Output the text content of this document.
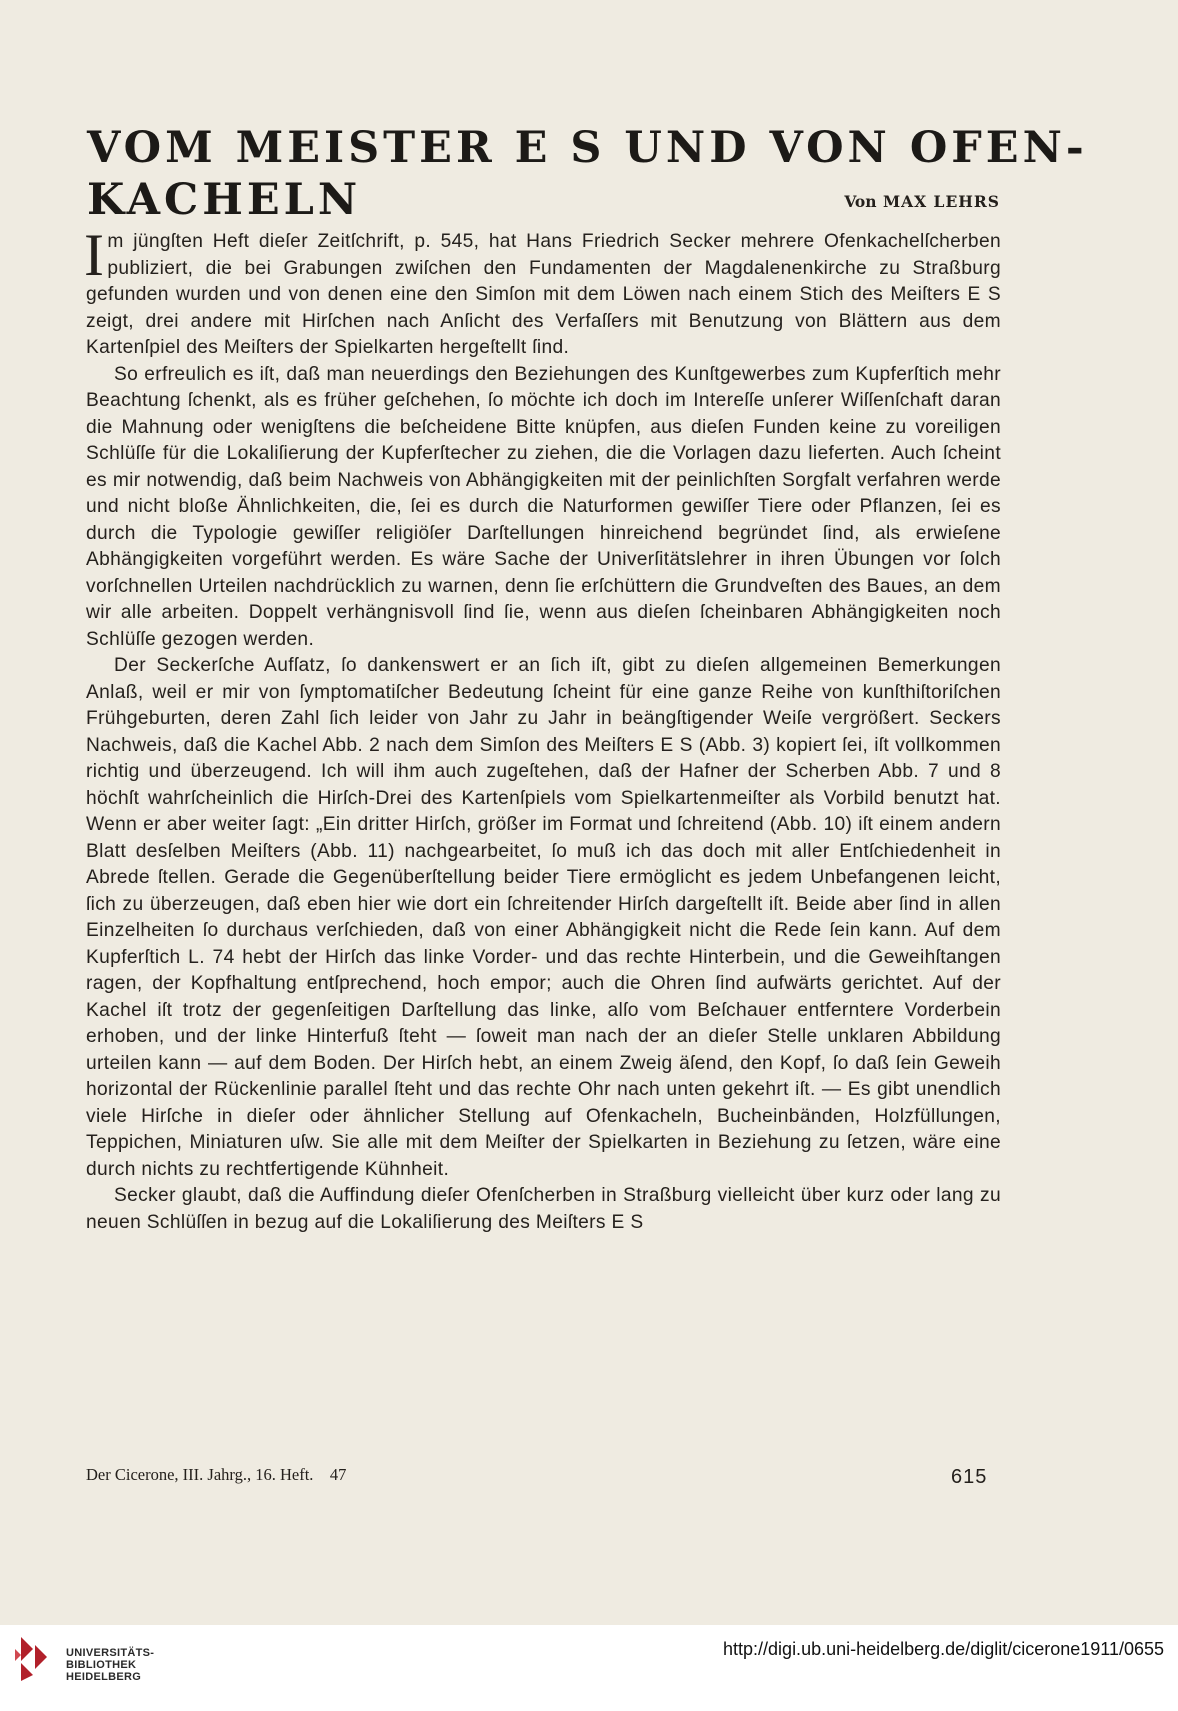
VOM MEISTER E S UND VON OFEN-
KACHELN	Von MAX LEHRS

Im jüngſten Heft dieſer Zeitſchrift, p. 545, hat Hans Friedrich Secker mehrere Ofenkachelſcherben publiziert, die bei Grabungen zwiſchen den Fundamenten der Magdalenenkirche zu Straßburg gefunden wurden und von denen eine den Simſon mit dem Löwen nach einem Stich des Meiſters E S zeigt, drei andere mit Hirſchen nach Anſicht des Verfaſſers mit Benutzung von Blättern aus dem Kartenſpiel des Meiſters der Spielkarten hergeſtellt ſind.

So erfreulich es iſt, daß man neuerdings den Beziehungen des Kunſtgewerbes zum Kupferſtich mehr Beachtung ſchenkt, als es früher geſchehen, ſo möchte ich doch im Intereſſe unſerer Wiſſenſchaft daran die Mahnung oder wenigſtens die beſcheidene Bitte knüpfen, aus dieſen Funden keine zu voreiligen Schlüſſe für die Lokaliſierung der Kupferſtecher zu ziehen, die die Vorlagen dazu lieferten. Auch ſcheint es mir notwendig, daß beim Nachweis von Abhängigkeiten mit der peinlichſten Sorgfalt verfahren werde und nicht bloße Ähnlichkeiten, die, ſei es durch die Naturformen gewiſſer Tiere oder Pflanzen, ſei es durch die Typologie gewiſſer religiöſer Darſtellungen hinreichend begründet ſind, als erwieſene Abhängigkeiten vorgeführt werden. Es wäre Sache der Univerſitätslehrer in ihren Übungen vor ſolch vorſchnellen Urteilen nachdrücklich zu warnen, denn ſie erſchüttern die Grundveſten des Baues, an dem wir alle arbeiten. Doppelt verhängnisvoll ſind ſie, wenn aus dieſen ſcheinbaren Abhängigkeiten noch Schlüſſe gezogen werden.

Der Seckerſche Aufſatz, ſo dankenswert er an ſich iſt, gibt zu dieſen allgemeinen Bemerkungen Anlaß, weil er mir von ſymptomatiſcher Bedeutung ſcheint für eine ganze Reihe von kunſthiſtoriſchen Frühgeburten, deren Zahl ſich leider von Jahr zu Jahr in beängſtigender Weiſe vergrößert. Seckers Nachweis, daß die Kachel Abb. 2 nach dem Simſon des Meiſters E S (Abb. 3) kopiert ſei, iſt vollkommen richtig und überzeugend. Ich will ihm auch zugeſtehen, daß der Hafner der Scherben Abb. 7 und 8 höchſt wahrſcheinlich die Hirſch-Drei des Kartenſpiels vom Spielkartenmeiſter als Vorbild benutzt hat. Wenn er aber weiter ſagt: „Ein dritter Hirſch, größer im Format und ſchreitend (Abb. 10) iſt einem andern Blatt desſelben Meiſters (Abb. 11) nachgearbeitet, ſo muß ich das doch mit aller Entſchiedenheit in Abrede ſtellen. Gerade die Gegenüberſtellung beider Tiere ermöglicht es jedem Unbefangenen leicht, ſich zu überzeugen, daß eben hier wie dort ein ſchreitender Hirſch dargeſtellt iſt. Beide aber ſind in allen Einzelheiten ſo durchaus verſchieden, daß von einer Abhängigkeit nicht die Rede ſein kann. Auf dem Kupferſtich L. 74 hebt der Hirſch das linke Vorder- und das rechte Hinterbein, und die Geweihſtangen ragen, der Kopfhaltung entſprechend, hoch empor; auch die Ohren ſind aufwärts gerichtet. Auf der Kachel iſt trotz der gegenſeitigen Darſtellung das linke, alſo vom Beſchauer entferntere Vorderbein erhoben, und der linke Hinterfuß ſteht — ſoweit man nach der an dieſer Stelle unklaren Abbildung urteilen kann — auf dem Boden. Der Hirſch hebt, an einem Zweig äſend, den Kopf, ſo daß ſein Geweih horizontal der Rückenlinie parallel ſteht und das rechte Ohr nach unten gekehrt iſt. — Es gibt unendlich viele Hirſche in dieſer oder ähnlicher Stellung auf Ofenkacheln, Bucheinbänden, Holzfüllungen, Teppichen, Miniaturen uſw. Sie alle mit dem Meiſter der Spielkarten in Beziehung zu ſetzen, wäre eine durch nichts zu rechtfertigende Kühnheit.

Secker glaubt, daß die Auffindung dieſer Ofenſcherben in Straßburg vielleicht über kurz oder lang zu neuen Schlüſſen in bezug auf die Lokaliſierung des Meiſters E S

Der Cicerone, III. Jahrg., 16. Heft. 47	615
UNIVERSITÄTS-
BIBLIOTHEK
HEIDELBERG
http://digi.ub.uni-heidelberg.de/diglit/cicerone1911/0655
